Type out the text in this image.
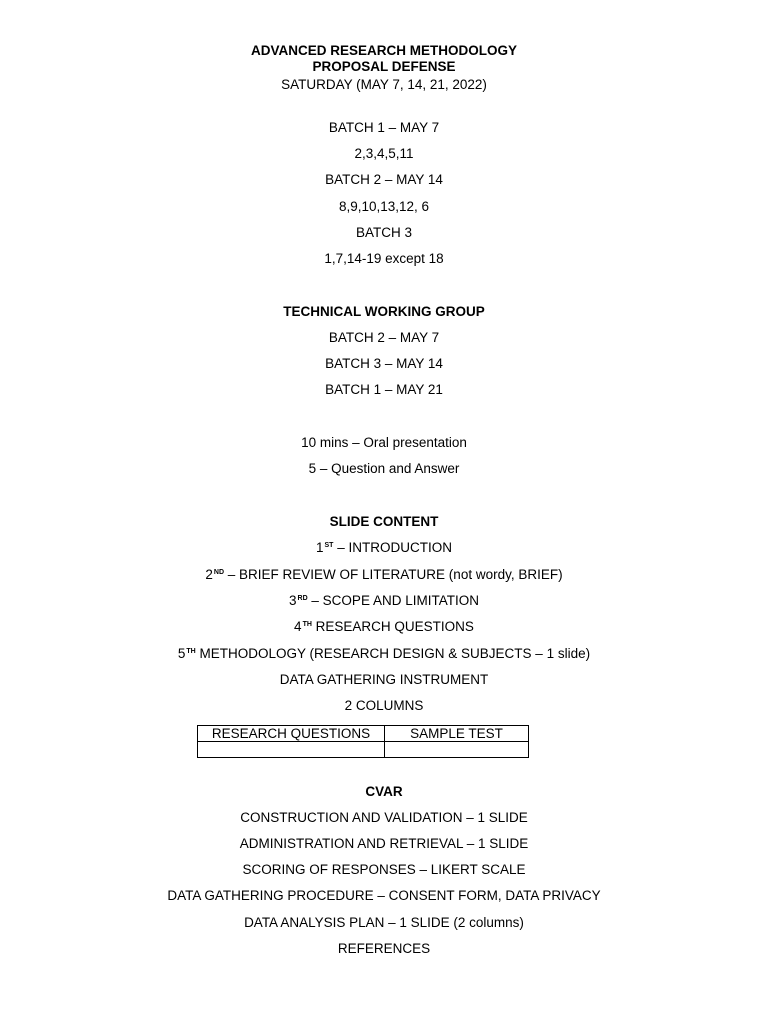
ADVANCED RESEARCH METHODOLOGY
PROPOSAL DEFENSE
SATURDAY (MAY 7, 14, 21, 2022)
BATCH 1 – MAY 7
2,3,4,5,11
BATCH 2 – MAY 14
8,9,10,13,12, 6
BATCH 3
1,7,14-19 except 18
TECHNICAL WORKING GROUP
BATCH 2 – MAY 7
BATCH 3 – MAY 14
BATCH 1 – MAY 21
10 mins – Oral presentation
5 – Question and Answer
SLIDE CONTENT
1ST – INTRODUCTION
2ND – BRIEF REVIEW OF LITERATURE (not wordy, BRIEF)
3RD – SCOPE AND LIMITATION
4TH RESEARCH QUESTIONS
5TH METHODOLOGY (RESEARCH DESIGN & SUBJECTS – 1 slide)
DATA GATHERING INSTRUMENT
2 COLUMNS
RESEARCH QUESTIONS	SAMPLE TEST

CVAR
CONSTRUCTION AND VALIDATION – 1 SLIDE
ADMINISTRATION AND RETRIEVAL – 1 SLIDE
SCORING OF RESPONSES – LIKERT SCALE
DATA GATHERING PROCEDURE – CONSENT FORM, DATA PRIVACY
DATA ANALYSIS PLAN – 1 SLIDE (2 columns)
REFERENCES
